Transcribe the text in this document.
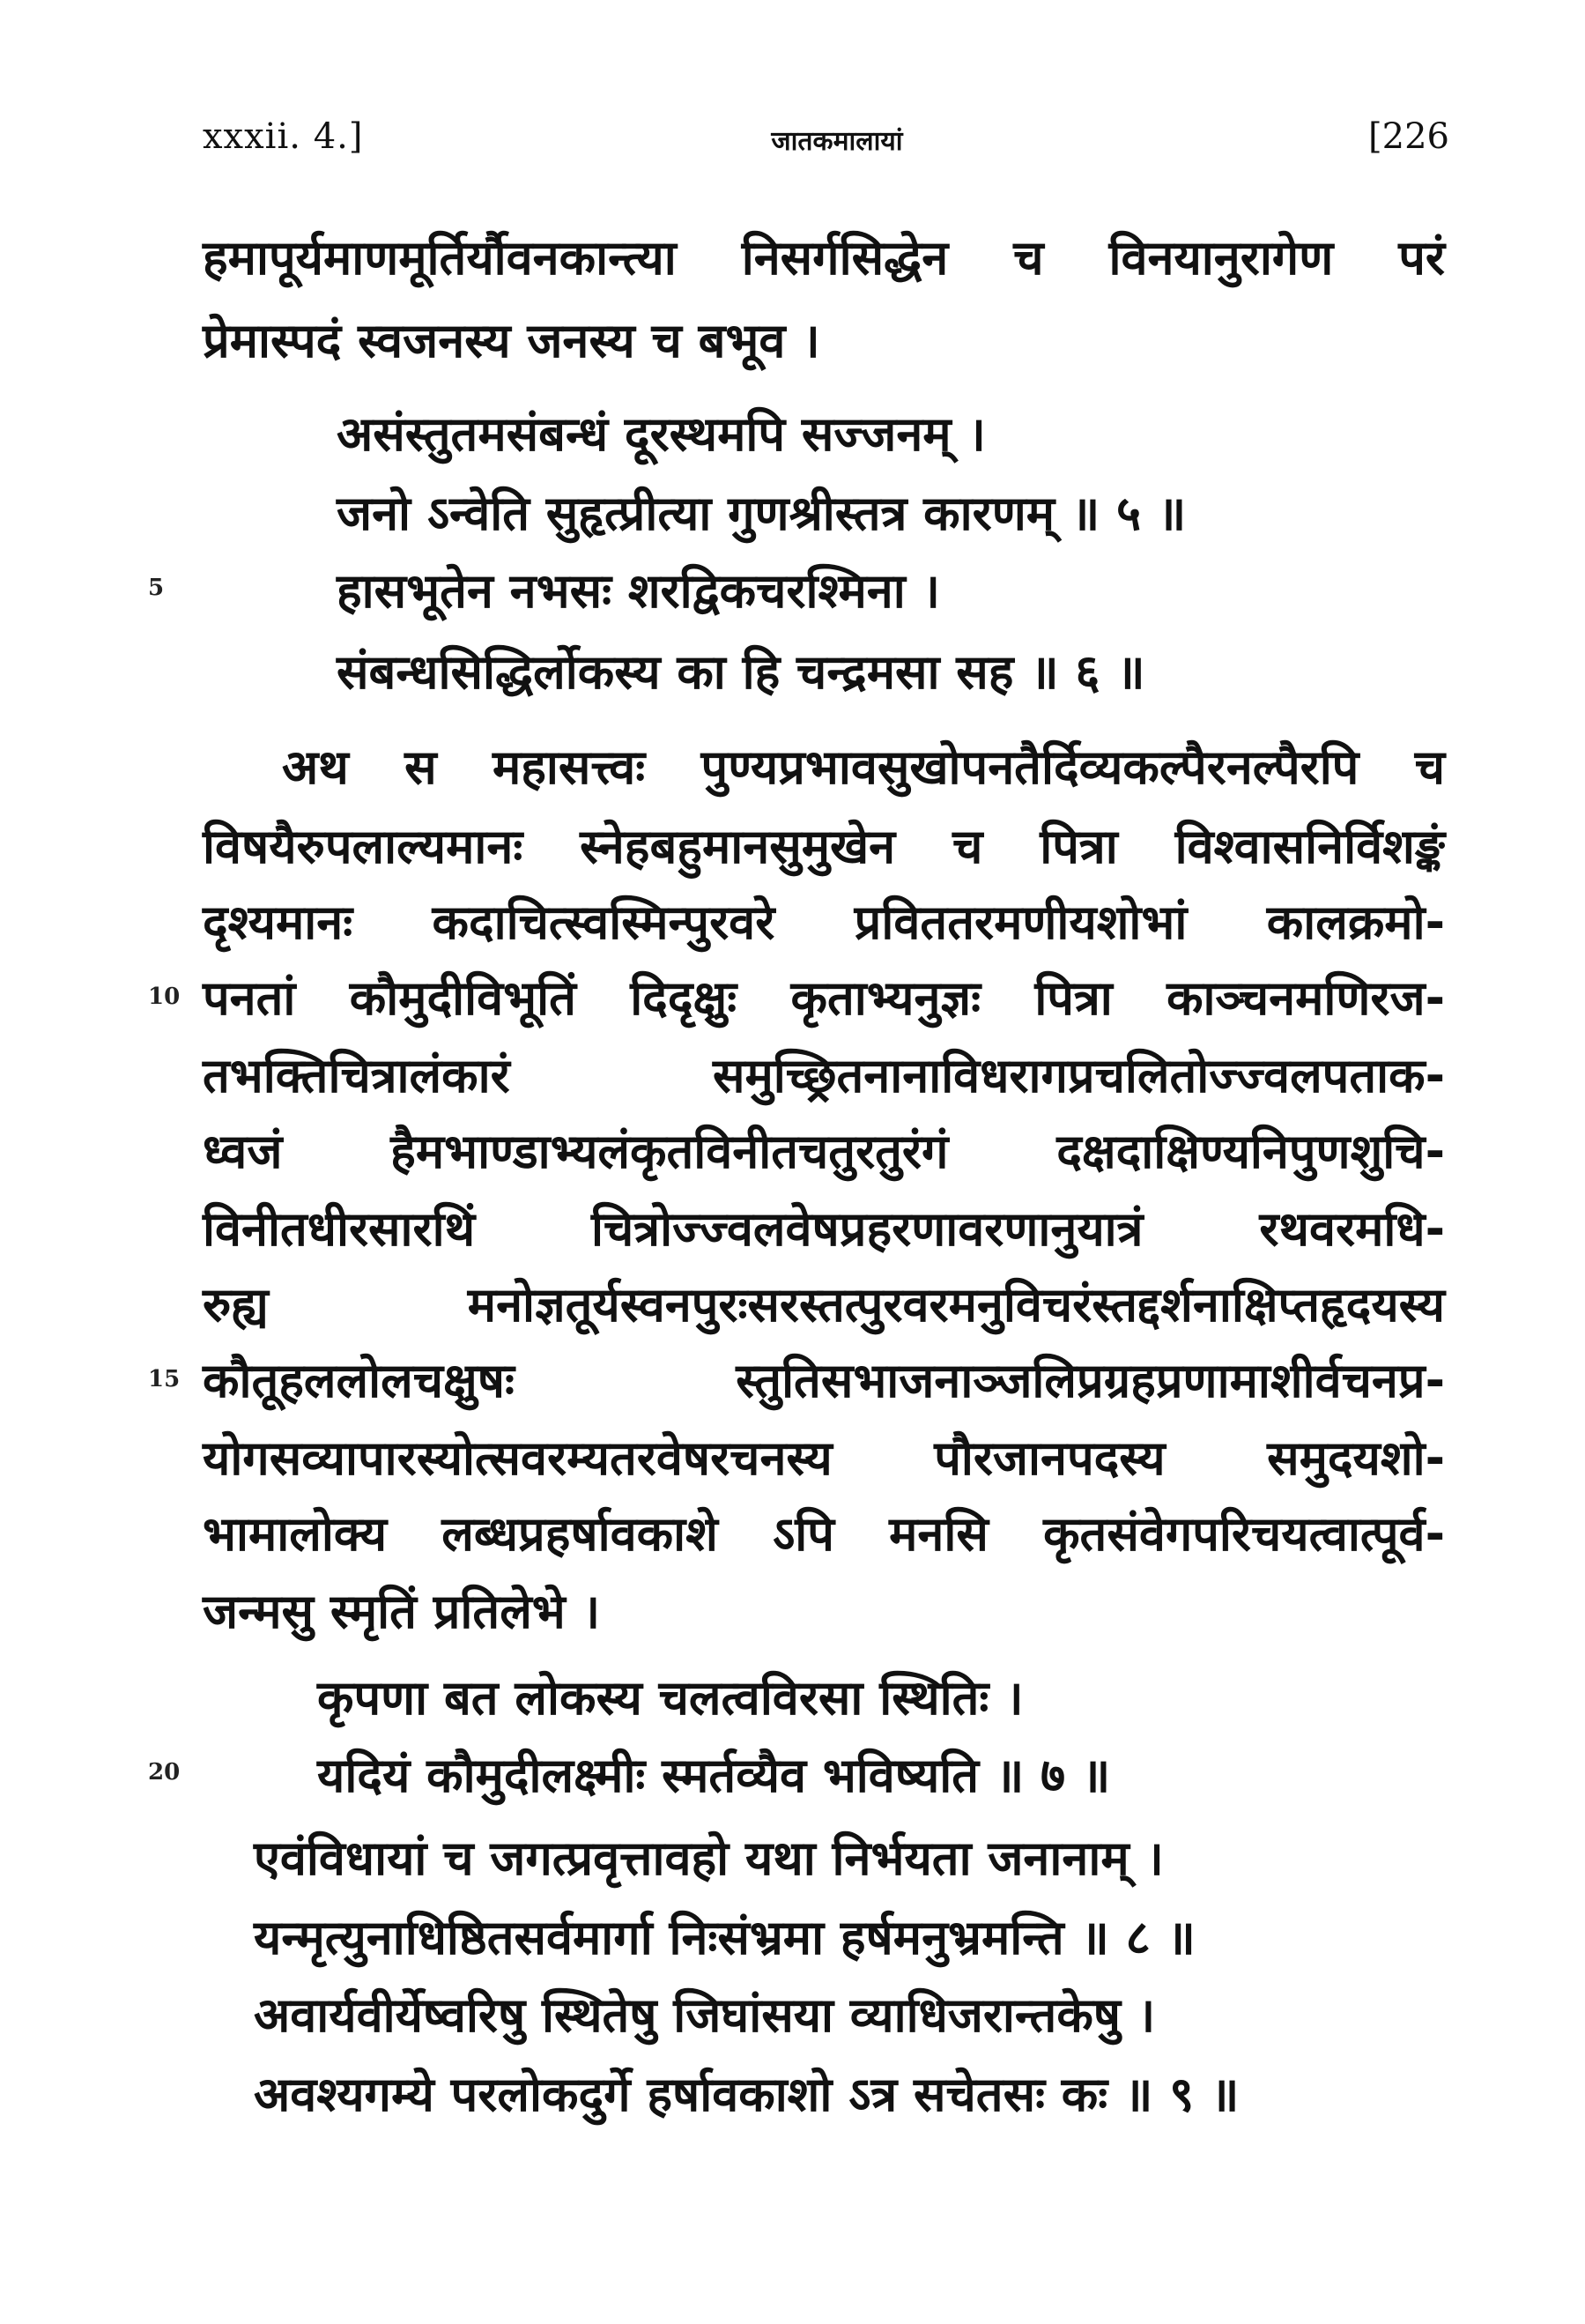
xxxii. 4.]	जातकमालायां	[226
हमापूर्यमाणमूर्तिर्यौवनकान्त्या निसर्गसिद्धेन च विनयानुरागेण परं
प्रेमास्पदं स्वजनस्य जनस्य च बभूव ।
असंस्तुतमसंबन्धं दूरस्थमपि सज्जनम् ।
जनो ऽन्वेति सुहृत्प्रीत्या गुणश्रीस्तत्र कारणम् ॥ ५ ॥
5	हासभूतेन नभसः शरद्विकचरश्मिना ।
संबन्धसिद्धिर्लोकस्य का हि चन्द्रमसा सह ॥ ६ ॥
अथ स महासत्त्वः पुण्यप्रभावसुखोपनतैर्दिव्यकल्पैरनल्पैरपि च
विषयैरुपलाल्यमानः स्नेहबहुमानसुमुखेन च पित्रा विश्वासनिर्विशङ्कं
दृश्यमानः कदाचित्स्वस्मिन्पुरवरे प्रविततरमणीयशोभां कालक्रमो-
10 पनतां कौमुदीविभूतिं दिदृक्षुः कृताभ्यनुज्ञः पित्रा काञ्चनमणिरज-
तभक्तिचित्रालंकारं समुच्छ्रितनानाविधरागप्रचलितोज्ज्वलपताक-
ध्वजं हैमभाण्डाभ्यलंकृतविनीतचतुरतुरंगं दक्षदाक्षिण्यनिपुणशुचि-
विनीतधीरसारथिं चित्रोज्ज्वलवेषप्रहरणावरणानुयात्रं रथवरमधि-
रुह्य मनोज्ञतूर्यस्वनपुरःसरस्तत्पुरवरमनुविचरंस्तद्दर्शनाक्षिप्तहृदयस्य
15 कौतूहललोलचक्षुषः स्तुतिसभाजनाञ्जलिप्रग्रहप्रणामाशीर्वचनप्र-
योगसव्यापारस्योत्सवरम्यतरवेषरचनस्य पौरजानपदस्य समुदयशो-
भामालोक्य लब्धप्रहर्षावकाशे ऽपि मनसि कृतसंवेगपरिचयत्वात्पूर्व-
जन्मसु स्मृतिं प्रतिलेभे ।
कृपणा बत लोकस्य चलत्वविरसा स्थितिः ।
20	यदियं कौमुदीलक्ष्मीः स्मर्तव्यैव भविष्यति ॥ ७ ॥
एवंविधायां च जगत्प्रवृत्तावहो यथा निर्भयता जनानाम् ।
यन्मृत्युनाधिष्ठितसर्वमार्गा निःसंभ्रमा हर्षमनुभ्रमन्ति ॥ ८ ॥
अवार्यवीर्येष्वरिषु स्थितेषु जिघांसया व्याधिजरान्तकेषु ।
अवश्यगम्ये परलोकदुर्गे हर्षावकाशो ऽत्र सचेतसः कः ॥ ९ ॥
